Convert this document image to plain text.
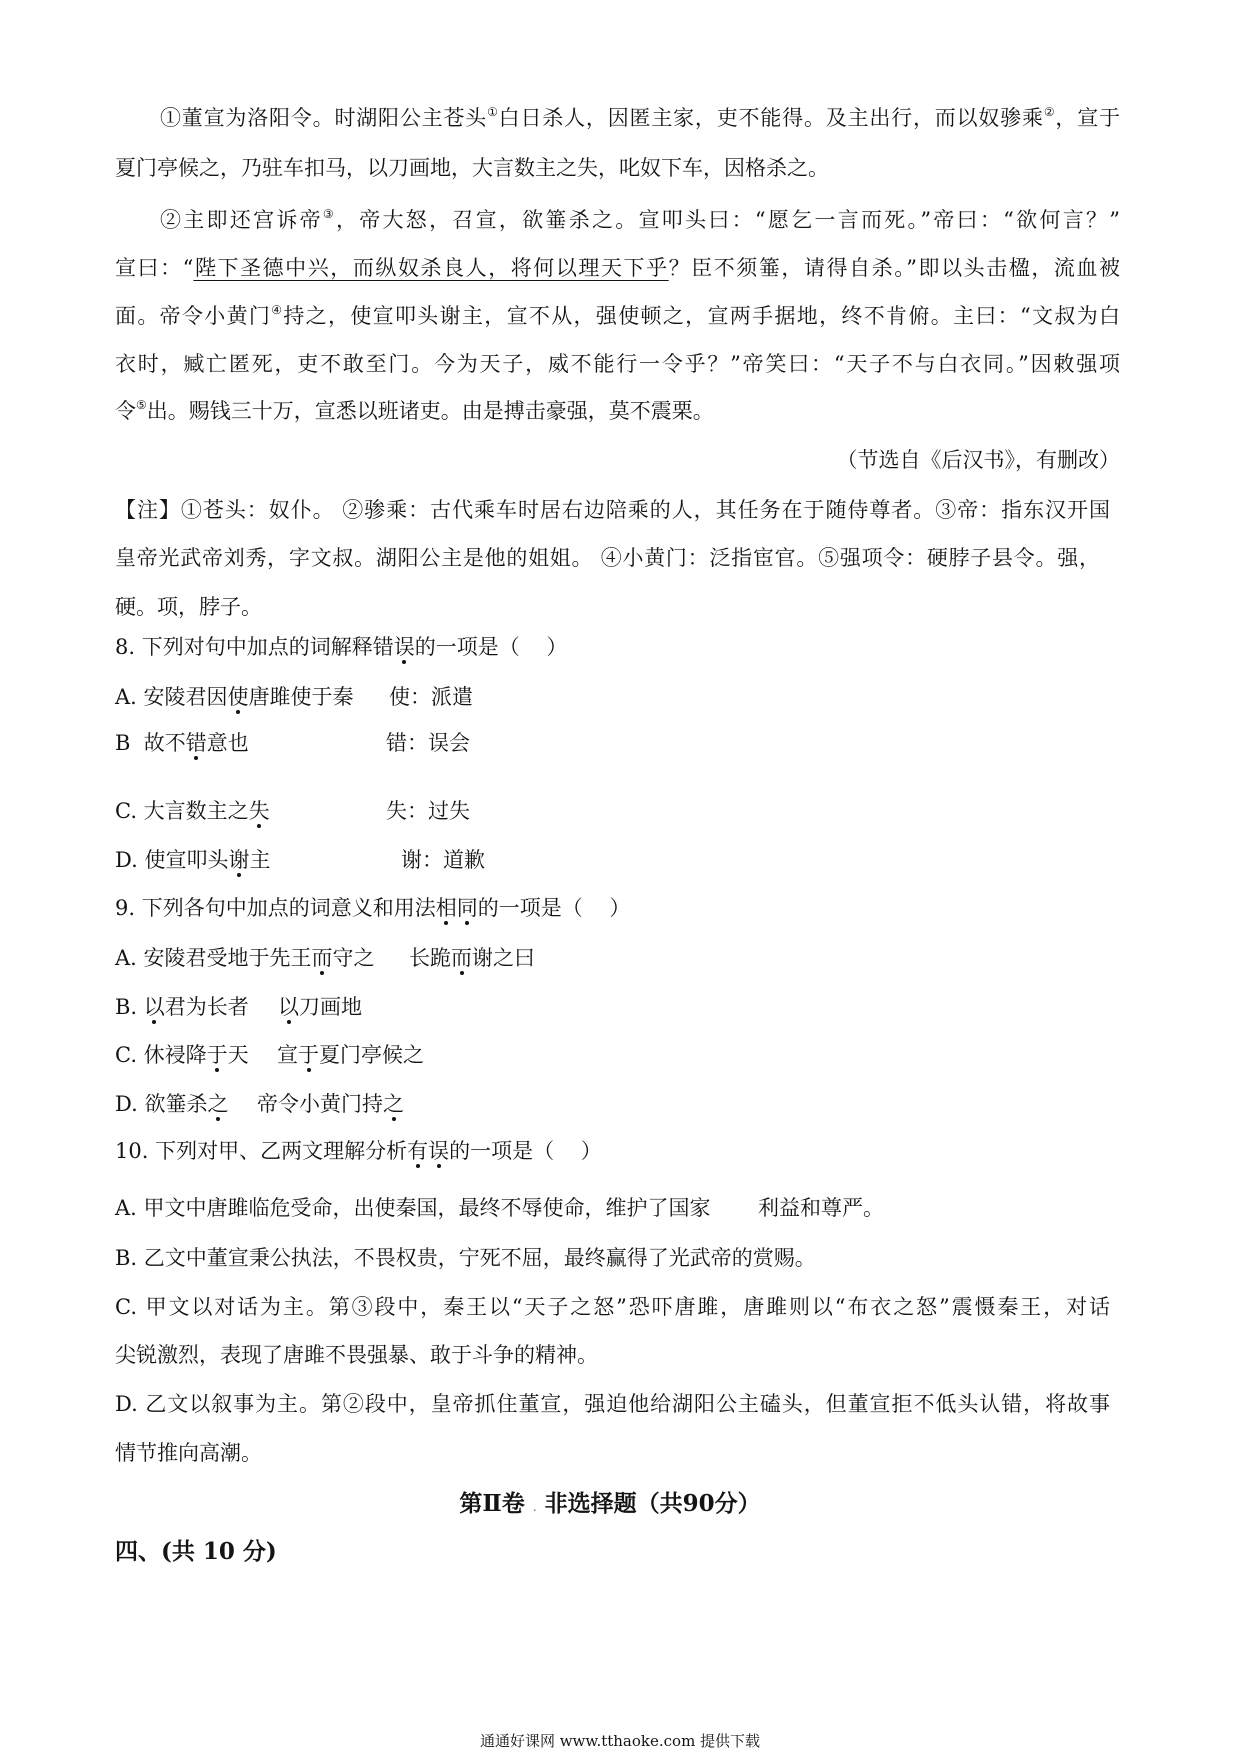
①董宣为洛阳令。时湖阳公主苍头①白日杀人，因匿主家，吏不能得。及主出行，而以奴骖乘②，宣于
夏门亭候之，乃驻车扣马，以刀画地，大言数主之失，叱奴下车，因格杀之。
②主即还宫诉帝③，帝大怒，召宣，欲箠杀之。宣叩头曰：“愿乞一言而死。”帝曰：“欲何言？”
宣曰：“陛下圣德中兴，而纵奴杀良人，将何以理天下乎？臣不须箠，请得自杀。”即以头击楹，流血被
面。帝令小黄门④持之，使宣叩头谢主，宣不从，强使顿之，宣两手据地，终不肯俯。主曰：“文叔为白
衣时，臧亡匿死，吏不敢至门。今为天子，威不能行一令乎？”帝笑曰：“天子不与白衣同。”因敕强项
令⑤出。赐钱三十万，宣悉以班诸吏。由是搏击豪强，莫不震栗。
（节选自《后汉书》，有删改）
【注】①苍头：奴仆。 ②骖乘：古代乘车时居右边陪乘的人，其任务在于随侍尊者。③帝：指东汉开国
皇帝光武帝刘秀，字文叔。湖阳公主是他的姐姐。 ④小黄门：泛指宦官。⑤强项令：硬脖子县令。强，
硬。项，脖子。
8. 下列对句中加点的词解释错误的一项是（    ）
A. 安陵君因使唐雎使于秦 使：派遣
B  故不错意也	错：误会
C. 大言数主之失	失：过失
D. 使宣叩头谢主	谢：道歉
9. 下列各句中加点的词意义和用法相同的一项是（    ）
A. 安陵君受地于先王而守之 长跪而谢之曰
B. 以君为长者 以刀画地
C. 休祲降于天 宣于夏门亭候之
D. 欲箠杀之 帝令小黄门持之
10. 下列对甲、乙两文理解分析有误的一项是（    ）
A. 甲文中唐雎临危受命，出使秦国，最终不辱使命，维护了国家 利益和尊严。
B. 乙文中董宣秉公执法，不畏权贵，宁死不屈，最终赢得了光武帝的赏赐。
C. 甲文以对话为主。第③段中，秦王以“天子之怒”恐吓唐雎，唐雎则以“布衣之怒”震慑秦王，对话
尖锐激烈，表现了唐雎不畏强暴、敢于斗争的精神。
D. 乙文以叙事为主。第②段中，皇帝抓住董宣，强迫他给湖阳公主磕头，但董宣拒不低头认错，将故事
情节推向高潮。
第Ⅱ卷 . 非选择题（共90分）
四、(共 10 分)
通通好课网 www.tthaoke.com 提供下载
